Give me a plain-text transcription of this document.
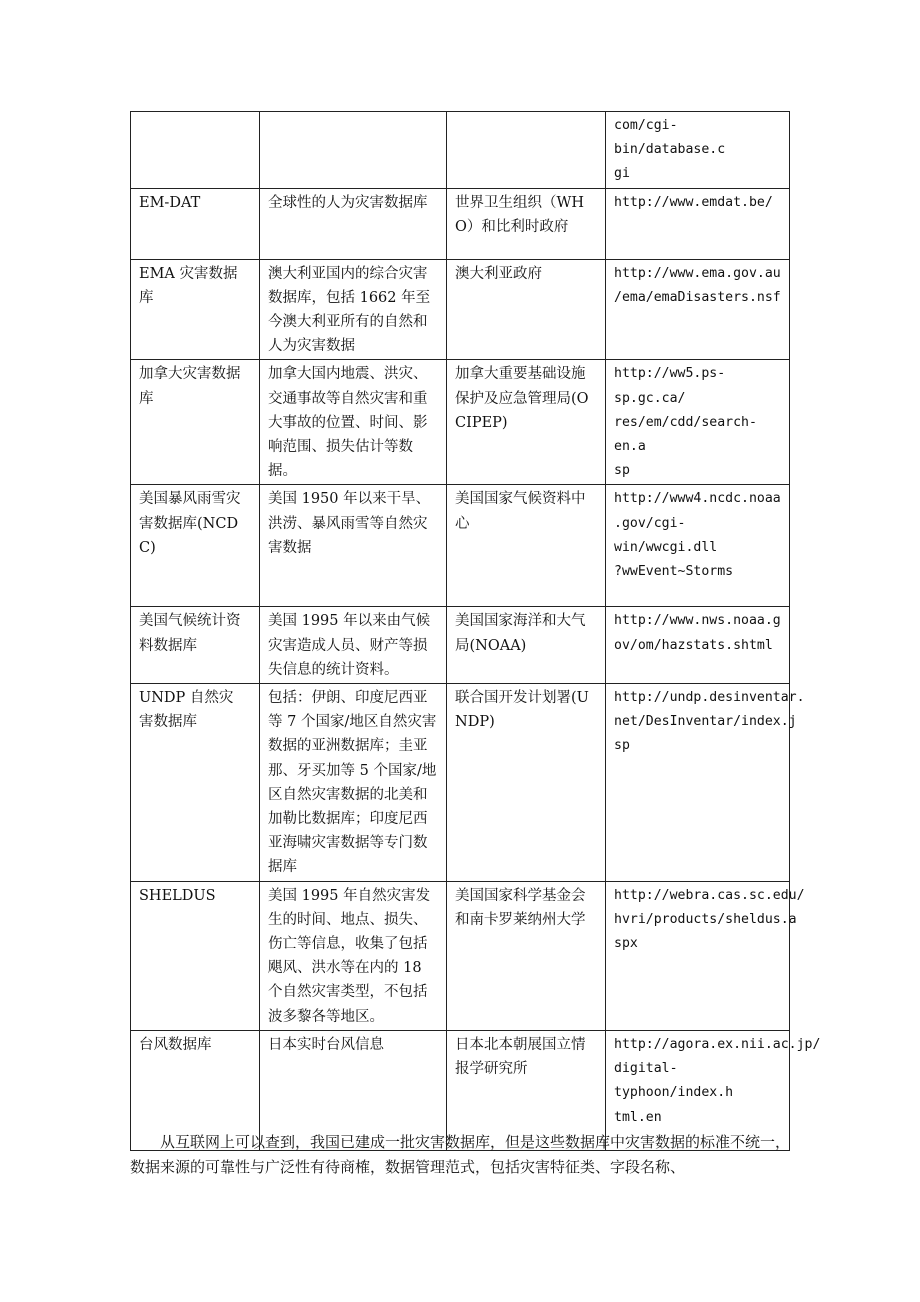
			com/cgi-bin/database.c
gi
EM-DAT	全球性的人为灾害数据库	世界卫生组织（WHO）和比利时政府	http://www.emdat.be/
EMA 灾害数据库	澳大利亚国内的综合灾害数据库，包括 1662 年至今澳大利亚所有的自然和人为灾害数据	澳大利亚政府	http://www.ema.gov.au
/ema/emaDisasters.nsf
加拿大灾害数据库	加拿大国内地震、洪灾、交通事故等自然灾害和重大事故的位置、时间、影响范围、损失估计等数据。	加拿大重要基础设施保护及应急管理局(OCIPEP)	http://ww5.ps-sp.gc.ca/
res/em/cdd/search-en.a
sp
美国暴风雨雪灾害数据库(NCDC)	美国 1950 年以来干旱、洪涝、暴风雨雪等自然灾害数据	美国国家气候资料中心	http://www4.ncdc.noaa
.gov/cgi-win/wwcgi.dll
?wwEvent~Storms
美国气候统计资 料数据库	美国 1995 年以来由气候灾害造成人员、财产等损失信息的统计资料。	美国国家海洋和大气局(NOAA)	http://www.nws.noaa.g
ov/om/hazstats.shtml
UNDP 自然灾 害数据库	包括：伊朗、印度尼西亚等 7 个国家/地区自然灾害数据的亚洲数据库；圭亚那、牙买加等 5 个国家/地区自然灾害数据的北美和加勒比数据库；印度尼西亚海啸灾害数据等专门数据库	联合国开发计划署(UNDP)	http://undp.desinventar.
net/DesInventar/index.j
sp
SHELDUS	美国 1995 年自然灾害发生的时间、地点、损失、伤亡等信息，收集了包括飓风、洪水等在内的 18 个自然灾害类型，不包括波多黎各等地区。	美国国家科学基金会和南卡罗莱纳州大学	http://webra.cas.sc.edu/
hvri/products/sheldus.a
spx
台风数据库	日本实时台风信息	日本北本朝展国立情报学研究所	http://agora.ex.nii.ac.jp/
digital-typhoon/index.h
tml.en

从互联网上可以查到，我国已建成一批灾害数据库，但是这些数据库中灾害数据的标准不统一，数据来源的可靠性与广泛性有待商榷，数据管理范式，包括灾害特征类、字段名称、
